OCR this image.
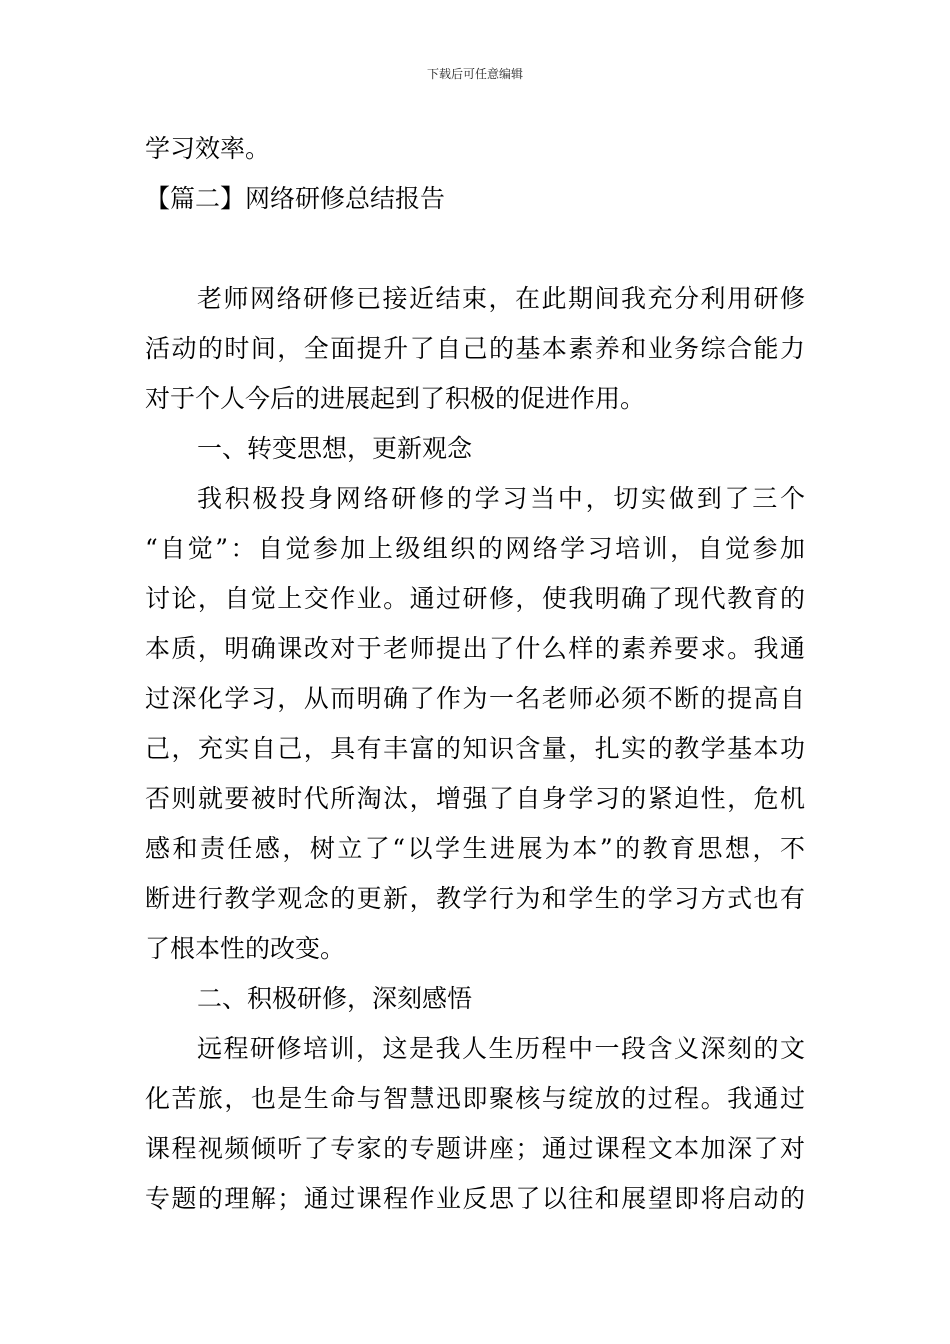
下载后可任意编辑
学习效率。
【篇二】网络研修总结报告
老师网络研修已接近结束，在此期间我充分利用研修
活动的时间，全面提升了自己的基本素养和业务综合能力
对于个人今后的进展起到了积极的促进作用。
一、转变思想，更新观念
我积极投身网络研修的学习当中，切实做到了三个
“自觉”：自觉参加上级组织的网络学习培训，自觉参加
讨论，自觉上交作业。通过研修，使我明确了现代教育的
本质，明确课改对于老师提出了什么样的素养要求。我通
过深化学习，从而明确了作为一名老师必须不断的提高自
己，充实自己，具有丰富的知识含量，扎实的教学基本功
否则就要被时代所淘汰，增强了自身学习的紧迫性，危机
感和责任感，树立了“以学生进展为本”的教育思想，不
断进行教学观念的更新，教学行为和学生的学习方式也有
了根本性的改变。
二、积极研修，深刻感悟
远程研修培训，这是我人生历程中一段含义深刻的文
化苦旅，也是生命与智慧迅即聚核与绽放的过程。我通过
课程视频倾听了专家的专题讲座；通过课程文本加深了对
专题的理解；通过课程作业反思了以往和展望即将启动的
